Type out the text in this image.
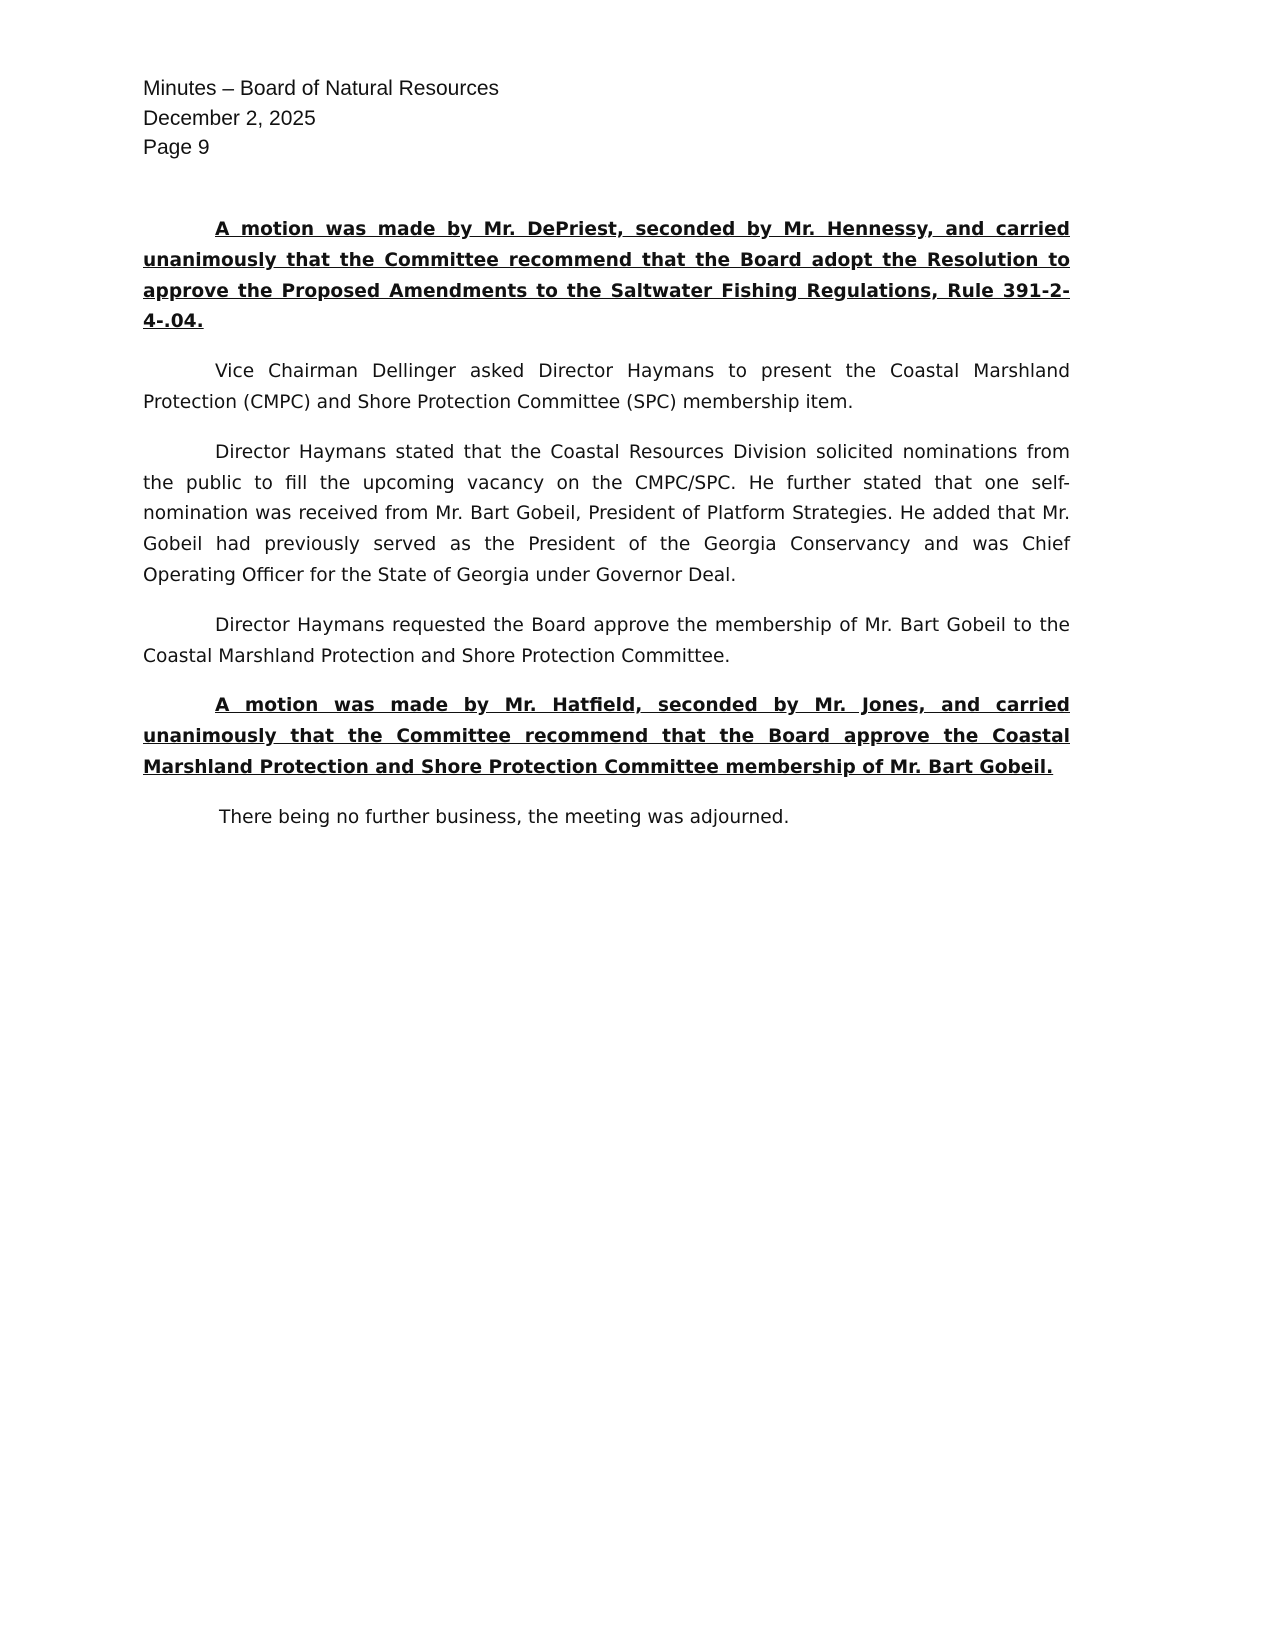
Minutes – Board of Natural Resources
December 2, 2025
Page 9

A motion was made by Mr. DePriest, seconded by Mr. Hennessy, and carried unanimously that the Committee recommend that the Board adopt the Resolution to approve the Proposed Amendments to the Saltwater Fishing Regulations, Rule 391-2-4-.04.

Vice Chairman Dellinger asked Director Haymans to present the Coastal Marshland Protection (CMPC) and Shore Protection Committee (SPC) membership item.

Director Haymans stated that the Coastal Resources Division solicited nominations from the public to fill the upcoming vacancy on the CMPC/SPC. He further stated that one self-nomination was received from Mr. Bart Gobeil, President of Platform Strategies. He added that Mr. Gobeil had previously served as the President of the Georgia Conservancy and was Chief Operating Officer for the State of Georgia under Governor Deal.

Director Haymans requested the Board approve the membership of Mr. Bart Gobeil to the Coastal Marshland Protection and Shore Protection Committee.

A motion was made by Mr. Hatfield, seconded by Mr. Jones, and carried unanimously that the Committee recommend that the Board approve the Coastal Marshland Protection and Shore Protection Committee membership of Mr. Bart Gobeil.

There being no further business, the meeting was adjourned.
